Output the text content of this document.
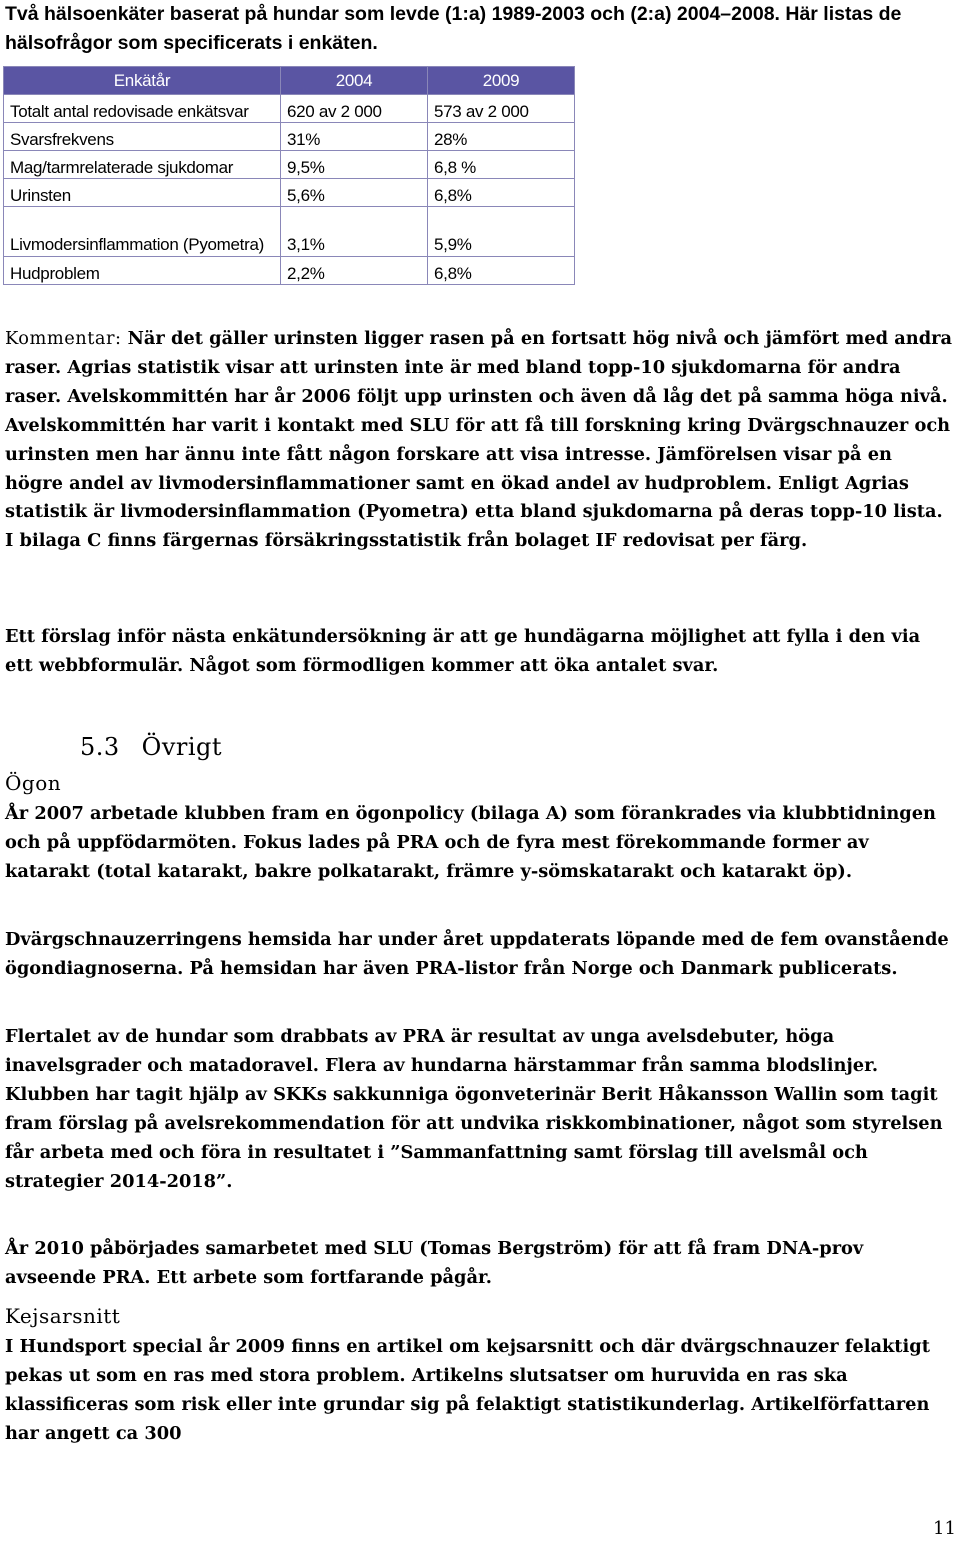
Två hälsoenkäter baserat på hundar som levde (1:a) 1989-2003 och (2:a) 2004–2008. Här listas de hälsofrågor som specificerats i enkäten.

Enkätår	2004	2009
Totalt antal redovisade enkätsvar	620 av 2 000	573 av 2 000
Svarsfrekvens	31%	28%
Mag/tarmrelaterade sjukdomar	9,5%	6,8 %
Urinsten	5,6%	6,8%
Livmodersinflammation (Pyometra)	3,1%	5,9%
Hudproblem	2,2%	6,8%

Kommentar: När det gäller urinsten ligger rasen på en fortsatt hög nivå och jämfört med andra raser. Agrias statistik visar att urinsten inte är med bland topp-10 sjukdomarna för andra raser. Avelskommittén har år 2006 följt upp urinsten och även då låg det på samma höga nivå. Avelskommittén har varit i kontakt med SLU för att få till forskning kring Dvärgschnauzer och urinsten men har ännu inte fått någon forskare att visa intresse. Jämförelsen visar på en högre andel av livmodersinflammationer samt en ökad andel av hudproblem. Enligt Agrias statistik är livmodersinflammation (Pyometra) etta bland sjukdomarna på deras topp-10 lista. I bilaga C finns färgernas försäkringsstatistik från bolaget IF redovisat per färg.

Ett förslag inför nästa enkätundersökning är att ge hundägarna möjlighet att fylla i den via ett webbformulär. Något som förmodligen kommer att öka antalet svar.

5.3 Övrigt
Ögon

År 2007 arbetade klubben fram en ögonpolicy (bilaga A) som förankrades via klubbtidningen och på uppfödarmöten. Fokus lades på PRA och de fyra mest förekommande former av katarakt (total katarakt, bakre polkatarakt, främre y-sömskatarakt och katarakt öp).

Dvärgschnauzerringens hemsida har under året uppdaterats löpande med de fem ovanstående ögondiagnoserna. På hemsidan har även PRA-listor från Norge och Danmark publicerats.

Flertalet av de hundar som drabbats av PRA är resultat av unga avelsdebuter, höga inavelsgrader och matadoravel. Flera av hundarna härstammar från samma blodslinjer. Klubben har tagit hjälp av SKKs sakkunniga ögonveterinär Berit Håkansson Wallin som tagit fram förslag på avelsrekommendation för att undvika riskkombinationer, något som styrelsen får arbeta med och föra in resultatet i ”Sammanfattning samt förslag till avelsmål och strategier 2014-2018”.

År 2010 påbörjades samarbetet med SLU (Tomas Bergström) för att få fram DNA-prov avseende PRA. Ett arbete som fortfarande pågår.

Kejsarsnitt

I Hundsport special år 2009 finns en artikel om kejsarsnitt och där dvärgschnauzer felaktigt pekas ut som en ras med stora problem. Artikelns slutsatser om huruvida en ras ska klassificeras som risk eller inte grundar sig på felaktigt statistikunderlag. Artikelförfattaren har angett ca 300

11
